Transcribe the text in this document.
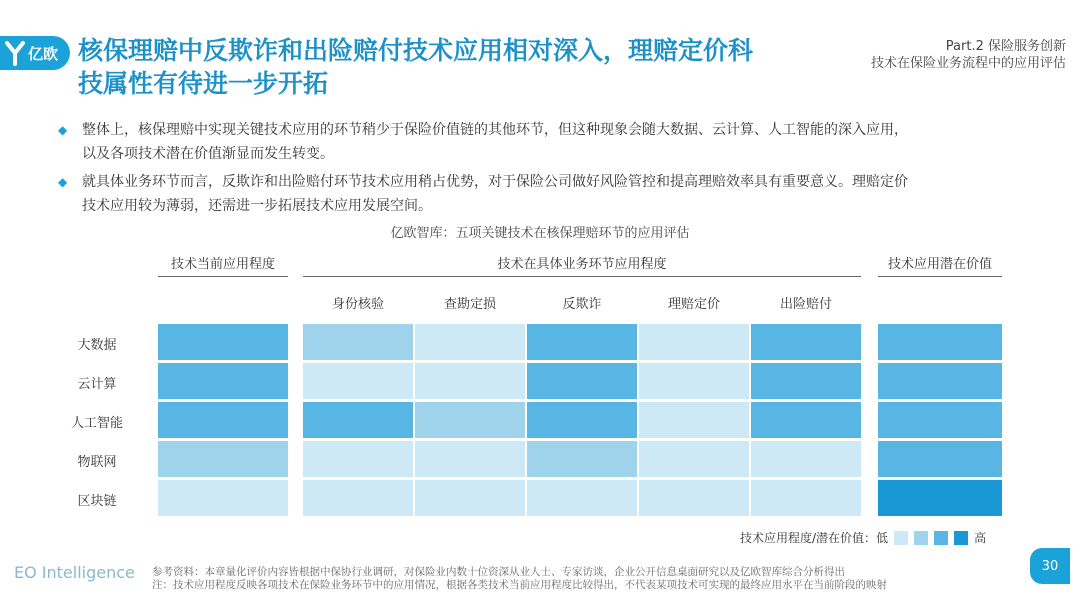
亿欧 核保理赔中反欺诈和出险赔付技术应用相对深入，理赔定价科
技属性有待进一步开拓
Part.2 保险服务创新
技术在保险业务流程中的应用评估
◆	整体上，核保理赔中实现关键技术应用的环节稍少于保险价值链的其他环节，但这种现象会随大数据、云计算、人工智能的深入应用，
以及各项技术潜在价值渐显而发生转变。
◆	就具体业务环节而言，反欺诈和出险赔付环节技术应用稍占优势，对于保险公司做好风险管控和提高理赔效率具有重要意义。理赔定价
技术应用较为薄弱，还需进一步拓展技术应用发展空间。
亿欧智库：五项关键技术在核保理赔环节的应用评估
技术当前应用程度	技术在具体业务环节应用程度	技术应用潜在价值
身份核验	查勘定损	反欺诈	理赔定价	出险赔付
大数据
云计算
人工智能
物联网
区块链
技术应用程度/潜在价值： 低	高
EO Intelligence 参考资料：本章量化评价内容皆根据中保协行业调研，对保险业内数十位资深从业人士、专家访谈，企业公开信息桌面研究以及亿欧智库综合分析得出
注：技术应用程度反映各项技术在保险业务环节中的应用情况，根据各类技术当前应用程度比较得出，不代表某项技术可实现的最终应用水平在当前阶段的映射
30
